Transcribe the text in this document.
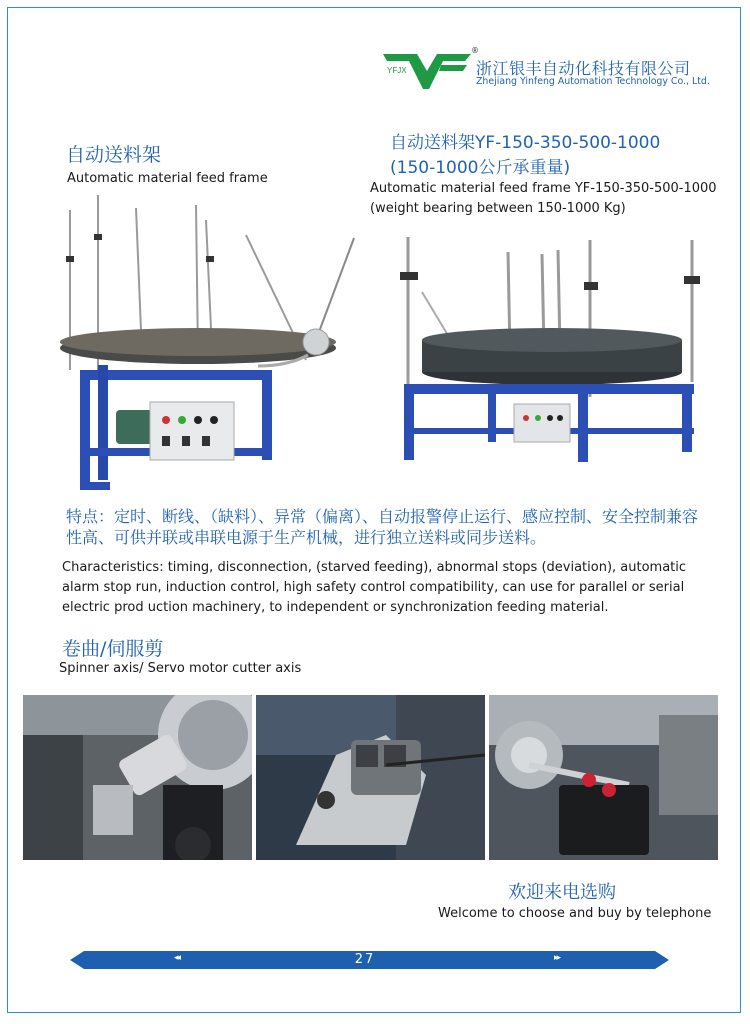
YFJX
®
浙江银丰自动化科技有限公司
Zhejiang Yinfeng Automation Technology Co., Ltd.
自动送料架
Automatic material feed frame
自动送料架YF-150-350-500-1000
(150-1000公斤承重量)
Automatic material feed frame YF-150-350-500-1000
(weight bearing between 150-1000 Kg)
特点：定时、断线、（缺料）、异常（偏离）、自动报警停止运行、感应控制、安全控制兼容性高、可供并联或串联电源于生产机械，进行独立送料或同步送料。
Characteristics: timing, disconnection, (starved feeding), abnormal stops (deviation), automatic alarm stop run, induction control, high safety control compatibility, can use for parallel or serial electric prod uction machinery, to independent or synchronization feeding material.
卷曲/伺服剪
Spinner axis/ Servo motor cutter axis
欢迎来电选购
Welcome to choose and buy by telephone
◂◂	27	▸▸
